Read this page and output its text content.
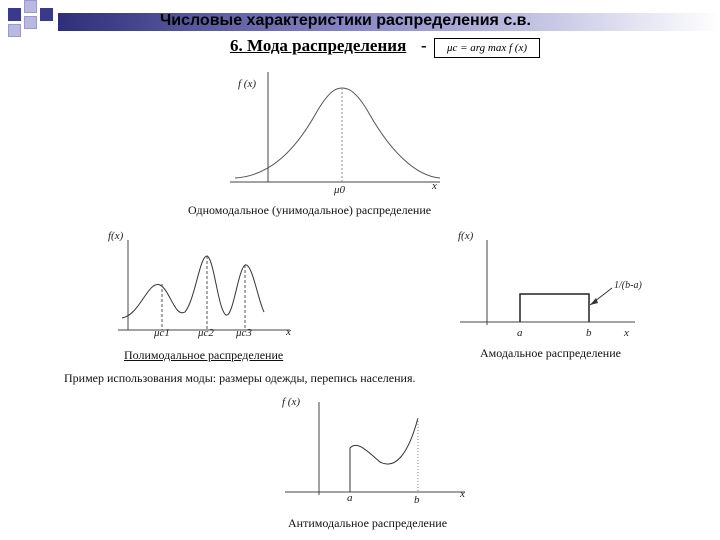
Числовые характеристики распределения с.в.
6. Мода распределения -	μс = arg max f (x)
f (x)
x
μ0
Одномодальное (унимодальное) распределение
f(x)
x
μc1	μc2 μc3
Полимодальное распределение
f(x)
x
a	b
1/(b-a)
Амодальное распределение
Пример использования моды: размеры одежды, перепись населения.
f (x)
x
a	b
Антимодальное распределение
